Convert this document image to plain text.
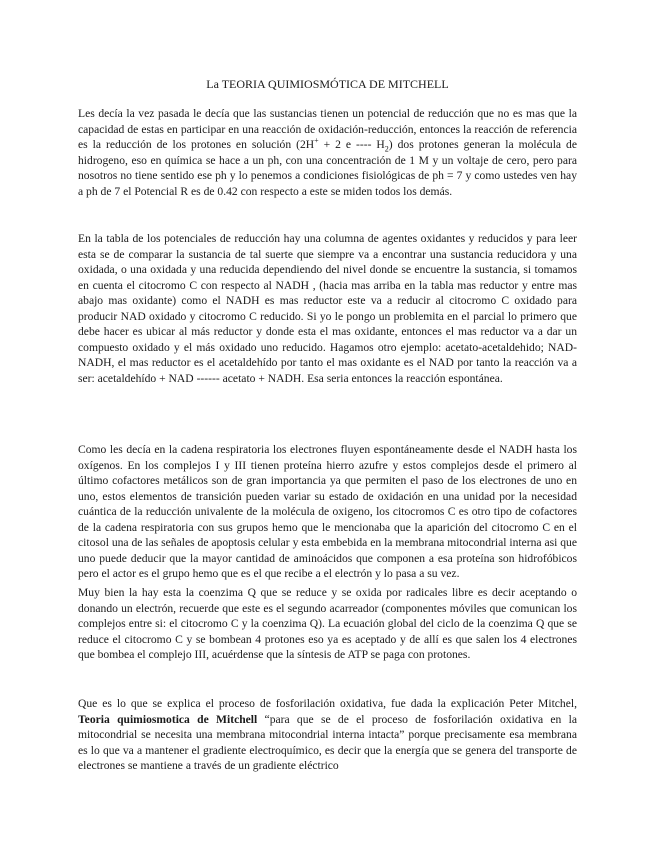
La TEORIA QUIMIOSMÓTICA DE MITCHELL

Les decía la vez pasada le decía que las sustancias tienen un potencial de reducción que no es mas que la capacidad de estas en participar en una reacción de oxidación-reducción, entonces la reacción de referencia es la reducción de los protones en solución (2H+ + 2 e ---- $H_2$) dos protones generan la molécula de hidrogeno, eso en química se hace a un ph, con una concentración de 1 M y un voltaje de cero, pero para nosotros no tiene sentido ese ph y lo penemos a condiciones fisiológicas de ph = 7 y como ustedes ven hay a ph de 7 el Potencial R es de 0.42 con respecto a este se miden todos los demás.

En la tabla de los potenciales de reducción hay una columna de agentes oxidantes y reducidos y para leer esta se de comparar la sustancia de tal suerte que siempre va a encontrar una sustancia reducidora y una oxidada, o una oxidada y una reducida dependiendo del nivel donde se encuentre la sustancia, si tomamos en cuenta el citocromo C con respecto al NADH , (hacia mas arriba en la tabla mas reductor y entre mas abajo mas oxidante) como el NADH es mas reductor este va a reducir al citocromo C oxidado para producir NAD oxidado y citocromo C reducido. Si yo le pongo un problemita en el parcial lo primero que debe hacer es ubicar al más reductor y donde esta el mas oxidante, entonces el mas reductor va a dar un compuesto oxidado y el más oxidado uno reducido. Hagamos otro ejemplo: acetato-acetaldehido; NAD-NADH, el mas reductor es el acetaldehído por tanto el mas oxidante es el NAD por tanto la reacción va a ser: acetaldehído + NAD ------ acetato + NADH. Esa seria entonces la reacción espontánea.

Como les decía en la cadena respiratoria los electrones fluyen espontáneamente desde el NADH hasta los oxígenos. En los complejos I y III tienen proteína hierro azufre y estos complejos desde el primero al último cofactores metálicos son de gran importancia ya que permiten el paso de los electrones de uno en uno, estos elementos de transición pueden variar su estado de oxidación en una unidad por la necesidad cuántica de la reducción univalente de la molécula de oxigeno, los citocromos C es otro tipo de cofactores de la cadena respiratoria con sus grupos hemo que le mencionaba que la aparición del citocromo C en el citosol una de las señales de apoptosis celular y esta embebida en la membrana mitocondrial interna asi que uno puede deducir que la mayor cantidad de aminoácidos que componen a esa proteína son hidrofóbicos pero el actor es el grupo hemo que es el que recibe a el electrón y lo pasa a su vez.

Muy bien la hay esta la coenzima Q que se reduce y se oxida por radicales libre es decir aceptando o donando un electrón, recuerde que este es el segundo acarreador (componentes móviles que comunican los complejos entre si: el citocromo C y la coenzima Q). La ecuación global del ciclo de la coenzima Q que se reduce el citocromo C y se bombean 4 protones eso ya es aceptado y de allí es que salen los 4 electrones que bombea el complejo III, acuérdense que la síntesis de ATP se paga con protones.

Que es lo que se explica el proceso de fosforilación oxidativa, fue dada la explicación Peter Mitchel, Teoria quimiosmotica de Mitchell “para que se de el proceso de fosforilación oxidativa en la mitocondrial se necesita una membrana mitocondrial interna intacta” porque precisamente esa membrana es lo que va a mantener el gradiente electroquímico, es decir que la energía que se genera del transporte de electrones se mantiene a través de un gradiente eléctrico
